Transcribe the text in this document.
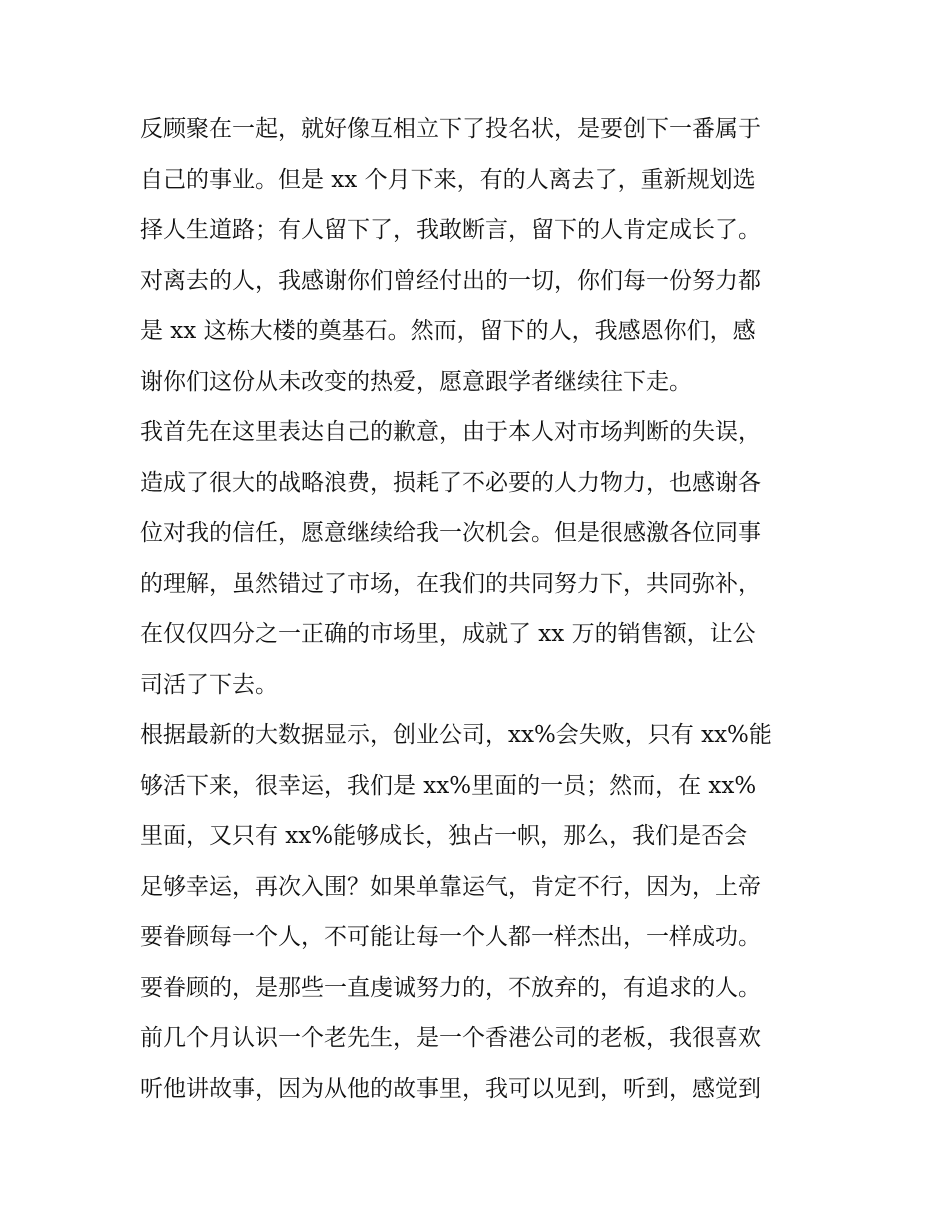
反顾聚在一起，就好像互相立下了投名状，是要创下一番属于
自己的事业。但是 xx 个月下来，有的人离去了，重新规划选
择人生道路；有人留下了，我敢断言，留下的人肯定成长了。
对离去的人，我感谢你们曾经付出的一切，你们每一份努力都
是 xx 这栋大楼的奠基石。然而，留下的人，我感恩你们，感
谢你们这份从未改变的热爱，愿意跟学者继续往下走。
我首先在这里表达自己的歉意，由于本人对市场判断的失误，
造成了很大的战略浪费，损耗了不必要的人力物力，也感谢各
位对我的信任，愿意继续给我一次机会。但是很感激各位同事
的理解，虽然错过了市场，在我们的共同努力下，共同弥补，
在仅仅四分之一正确的市场里，成就了 xx 万的销售额，让公
司活了下去。
根据最新的大数据显示，创业公司，xx%会失败，只有 xx%能
够活下来，很幸运，我们是 xx%里面的一员；然而，在 xx%
里面，又只有 xx%能够成长，独占一帜，那么，我们是否会
足够幸运，再次入围？如果单靠运气，肯定不行，因为，上帝
要眷顾每一个人，不可能让每一个人都一样杰出，一样成功。
要眷顾的，是那些一直虔诚努力的，不放弃的，有追求的人。
前几个月认识一个老先生，是一个香港公司的老板，我很喜欢
听他讲故事，因为从他的故事里，我可以见到，听到，感觉到
